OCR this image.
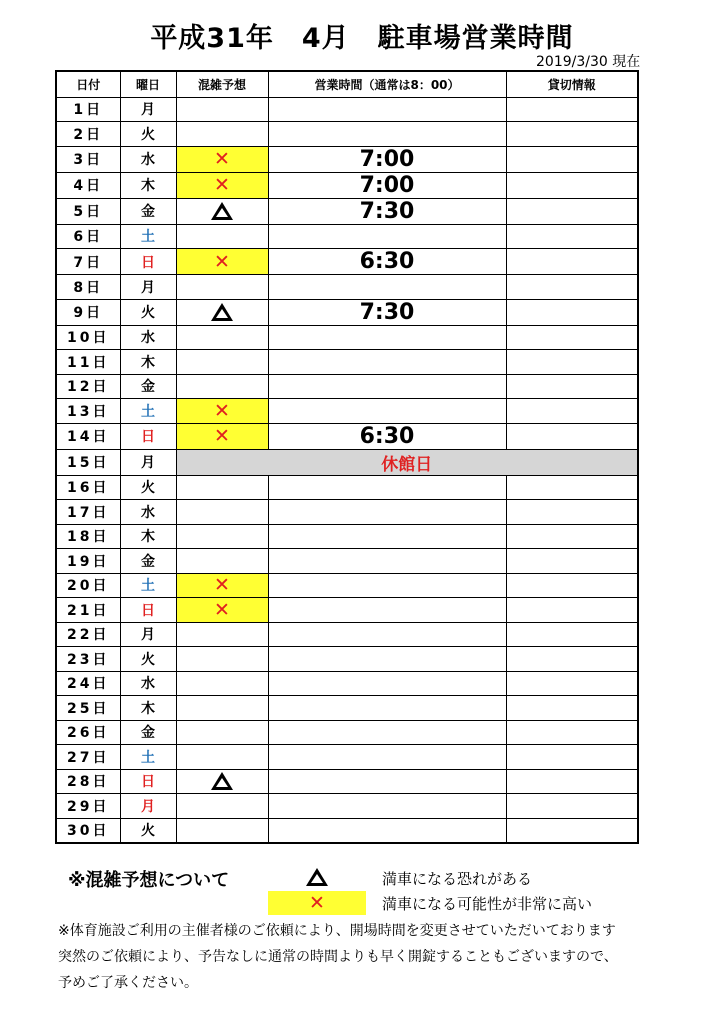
平成31年　4月　駐車場営業時間
2019/3/30 現在
日付	曜日	混雑予想	営業時間（通常は8：00）	貸切情報
1日	月			
2日	火			
3日	水	✕	7:00	
4日	木	✕	7:00	
5日	金		7:30	
6日	土			
7日	日	✕	6:30	
8日	月			
9日	火		7:30	
10日	水			
11日	木			
12日	金			
13日	土	✕		
14日	日	✕	6:30	
15日	月	休館日		
16日	火			
17日	水			
18日	木			
19日	金			
20日	土	✕		
21日	日	✕		
22日	月			
23日	火			
24日	水			
25日	木			
26日	金			
27日	土			
28日	日			
29日	月			
30日	火			
※混雑予想について	満車になる恐れがある
✕	満車になる可能性が非常に高い
※体育施設ご利用の主催者様のご依頼により、開場時間を変更させていただいております
突然のご依頼により、予告なしに通常の時間よりも早く開錠することもございますので、
予めご了承ください。
